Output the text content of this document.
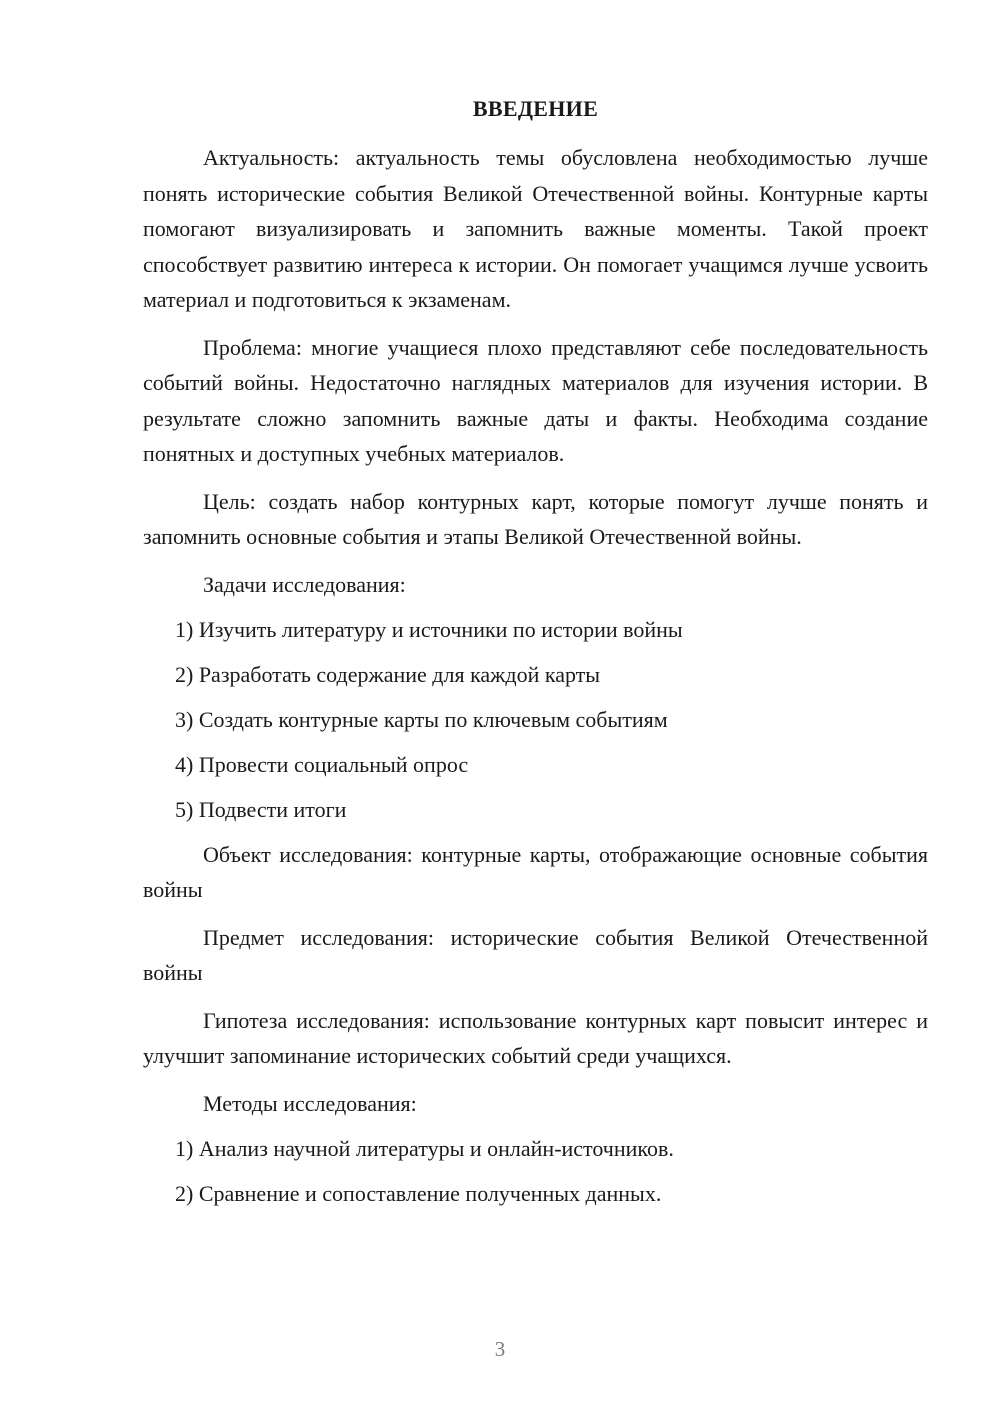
ВВЕДЕНИЕ

Актуальность: актуальность темы обусловлена необходимостью лучше понять исторические события Великой Отечественной войны. Контурные карты помогают визуализировать и запомнить важные моменты. Такой проект способствует развитию интереса к истории. Он помогает учащимся лучше усвоить материал и подготовиться к экзаменам.

Проблема: многие учащиеся плохо представляют себе последовательность событий войны. Недостаточно наглядных материалов для изучения истории. В результате сложно запомнить важные даты и факты. Необходима создание понятных и доступных учебных материалов.

Цель: создать набор контурных карт, которые помогут лучше понять и запомнить основные события и этапы Великой Отечественной войны.

Задачи исследования:
1) Изучить литературу и источники по истории войны
2) Разработать содержание для каждой карты
3) Создать контурные карты по ключевым событиям
4) Провести социальный опрос
5) Подвести итоги

Объект исследования: контурные карты, отображающие основные события войны

Предмет исследования: исторические события Великой Отечественной войны

Гипотеза исследования: использование контурных карт повысит интерес и улучшит запоминание исторических событий среди учащихся.

Методы исследования:
1) Анализ научной литературы и онлайн-источников.
2) Сравнение и сопоставление полученных данных.
3
